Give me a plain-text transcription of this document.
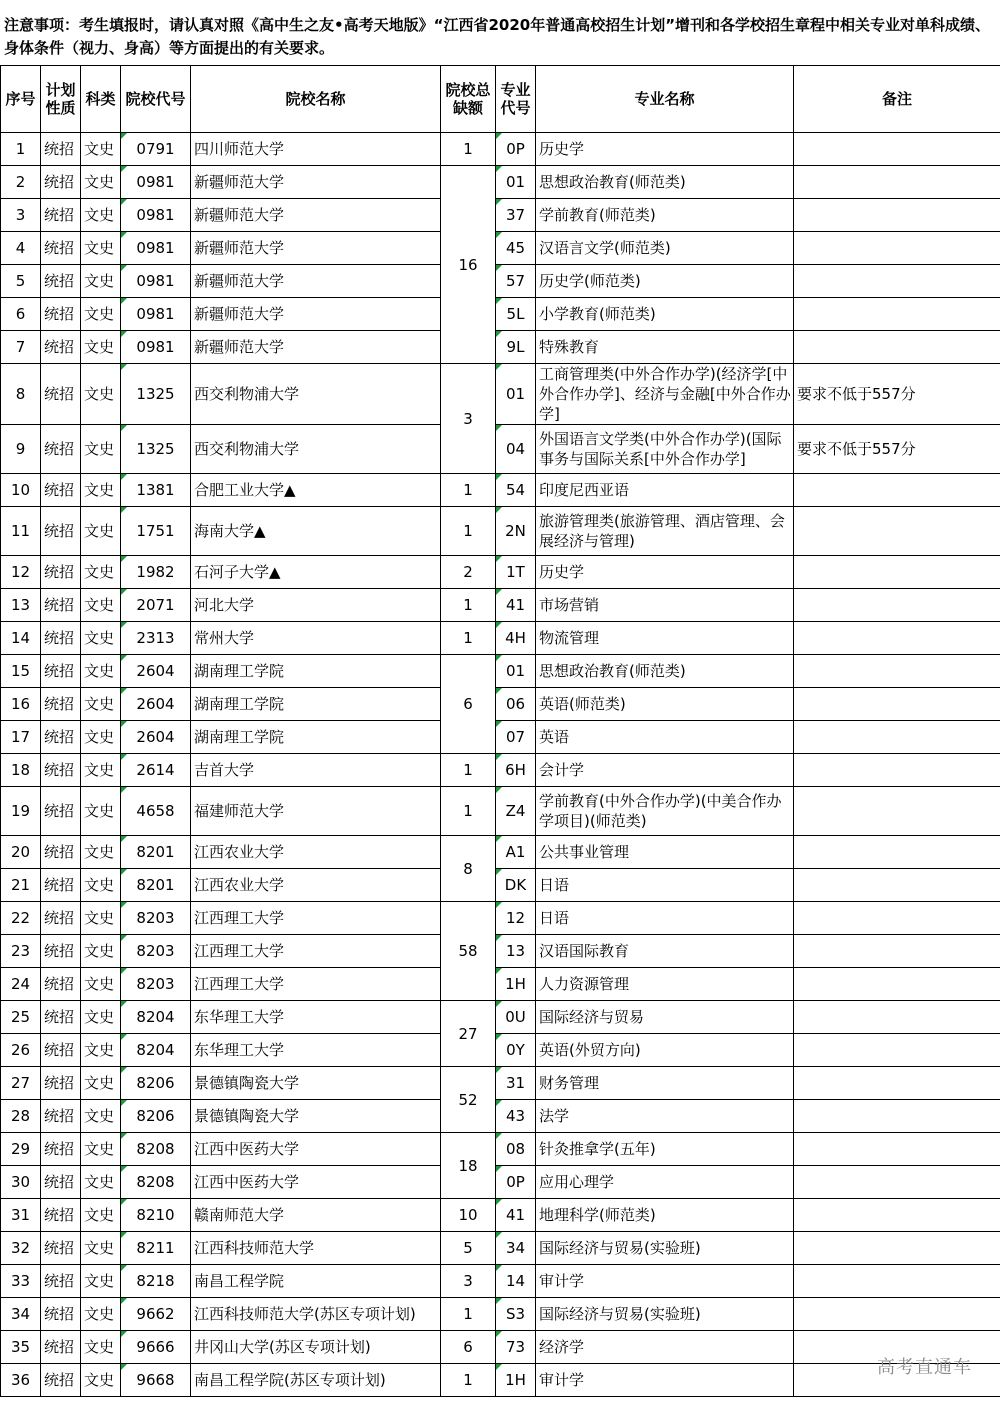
注意事项：考生填报时，请认真对照《高中生之友•高考天地版》“江西省2020年普通高校招生计划”增刊和各学校招生章程中相关专业对单科成绩、身体条件（视力、身高）等方面提出的有关要求。
序号	计划性质	科类	院校代号	院校名称	院校总缺额	专业代号	专业名称	备注
1	统招	文史	0791	四川师范大学	1	0P	历史学	
2	统招	文史	0981	新疆师范大学	16	01	思想政治教育(师范类)	
3	统招	文史	0981	新疆师范大学		37	学前教育(师范类)	
4	统招	文史	0981	新疆师范大学		45	汉语言文学(师范类)	
5	统招	文史	0981	新疆师范大学		57	历史学(师范类)	
6	统招	文史	0981	新疆师范大学		5L	小学教育(师范类)	
7	统招	文史	0981	新疆师范大学		9L	特殊教育	
8	统招	文史	1325	西交利物浦大学	3	01	工商管理类(中外合作办学)(经济学[中外合作办学]、经济与金融[中外合作办学]	要求不低于557分
9	统招	文史	1325	西交利物浦大学		04	外国语言文学类(中外合作办学)(国际事务与国际关系[中外合作办学]	要求不低于557分
10	统招	文史	1381	合肥工业大学▲	1	54	印度尼西亚语	
11	统招	文史	1751	海南大学▲	1	2N	旅游管理类(旅游管理、酒店管理、会展经济与管理)	
12	统招	文史	1982	石河子大学▲	2	1T	历史学	
13	统招	文史	2071	河北大学	1	41	市场营销	
14	统招	文史	2313	常州大学	1	4H	物流管理	
15	统招	文史	2604	湖南理工学院	6	01	思想政治教育(师范类)	
16	统招	文史	2604	湖南理工学院		06	英语(师范类)	
17	统招	文史	2604	湖南理工学院		07	英语	
18	统招	文史	2614	吉首大学	1	6H	会计学	
19	统招	文史	4658	福建师范大学	1	Z4	学前教育(中外合作办学)(中美合作办学项目)(师范类)	
20	统招	文史	8201	江西农业大学	8	A1	公共事业管理	
21	统招	文史	8201	江西农业大学		DK	日语	
22	统招	文史	8203	江西理工大学	58	12	日语	
23	统招	文史	8203	江西理工大学		13	汉语国际教育	
24	统招	文史	8203	江西理工大学		1H	人力资源管理	
25	统招	文史	8204	东华理工大学	27	0U	国际经济与贸易	
26	统招	文史	8204	东华理工大学		0Y	英语(外贸方向)	
27	统招	文史	8206	景德镇陶瓷大学	52	31	财务管理	
28	统招	文史	8206	景德镇陶瓷大学		43	法学	
29	统招	文史	8208	江西中医药大学	18	08	针灸推拿学(五年)	
30	统招	文史	8208	江西中医药大学		0P	应用心理学	
31	统招	文史	8210	赣南师范大学	10	41	地理科学(师范类)	
32	统招	文史	8211	江西科技师范大学	5	34	国际经济与贸易(实验班)	
33	统招	文史	8218	南昌工程学院	3	14	审计学	
34	统招	文史	9662	江西科技师范大学(苏区专项计划)	1	S3	国际经济与贸易(实验班)	
35	统招	文史	9666	井冈山大学(苏区专项计划)	6	73	经济学	
36	统招	文史	9668	南昌工程学院(苏区专项计划)	1	1H	审计学	
高考直通车
